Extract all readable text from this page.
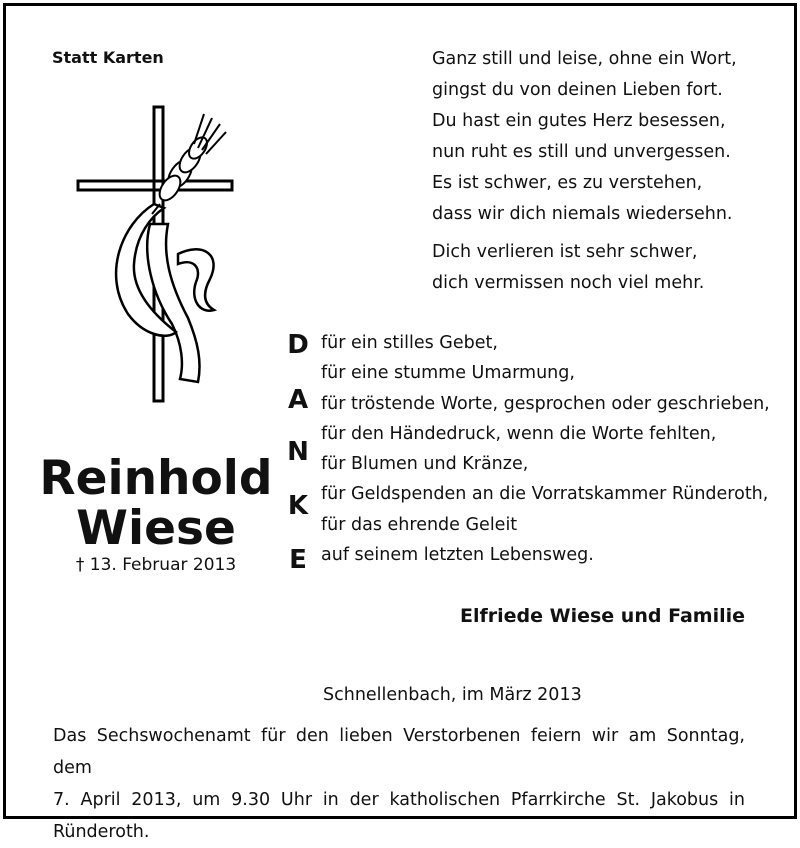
Statt Karten	Ganz still und leise, ohne ein Wort,
gingst du von deinen Lieben fort.
Du hast ein gutes Herz besessen,
nun ruht es still und unvergessen.
Es ist schwer, es zu verstehen,
dass wir dich niemals wiedersehn.
Dich verlieren ist sehr schwer,
dich vermissen noch viel mehr.
Reinhold
Wiese
† 13. Februar 2013
D
A
N
K
E
für ein stilles Gebet,
für eine stumme Umarmung,
für tröstende Worte, gesprochen oder geschrieben,
für den Händedruck, wenn die Worte fehlten,
für Blumen und Kränze,
für Geldspenden an die Vorratskammer Ründeroth,
für das ehrende Geleit
auf seinem letzten Lebensweg.
Elfriede Wiese und Familie
Schnellenbach, im März 2013
Das Sechswochenamt für den lieben Verstorbenen feiern wir am Sonntag, dem
7. April 2013, um 9.30 Uhr in der katholischen Pfarrkirche St. Jakobus in Ründeroth.
